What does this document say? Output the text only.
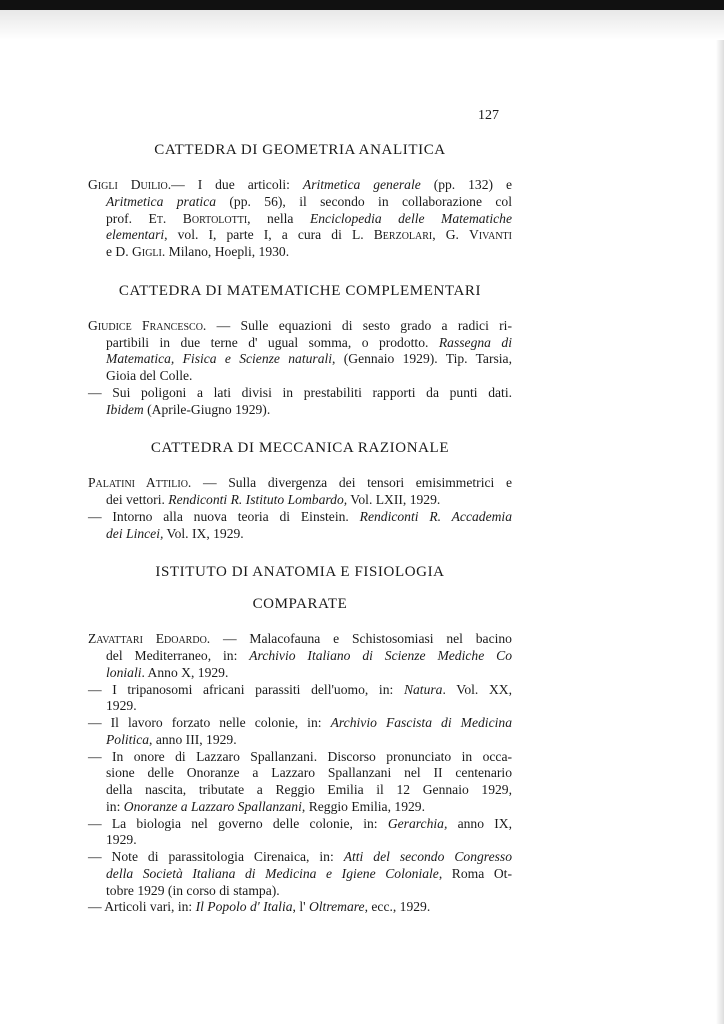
127
CATTEDRA DI GEOMETRIA ANALITICA
Gigli Duilio.— I due articoli: Aritmetica generale (pp. 132) e
Aritmetica pratica (pp. 56), il secondo in collaborazione col
prof. Et. Bortolotti, nella Enciclopedia delle Matematiche
elementari, vol. I, parte I, a cura di L. Berzolari, G. Vivanti
e D. Gigli. Milano, Hoepli, 1930.
CATTEDRA DI MATEMATICHE COMPLEMENTARI
Giudice Francesco. — Sulle equazioni di sesto grado a radici ri-
partibili in due terne d' ugual somma, o prodotto. Rassegna di
Matematica, Fisica e Scienze naturali, (Gennaio 1929). Tip. Tarsia,
Gioia del Colle.
— Sui poligoni a lati divisi in prestabiliti rapporti da punti dati.
Ibidem (Aprile-Giugno 1929).
CATTEDRA DI MECCANICA RAZIONALE
Palatini Attilio. — Sulla divergenza dei tensori emisimmetrici e
dei vettori. Rendiconti R. Istituto Lombardo, Vol. LXII, 1929.
— Intorno alla nuova teoria di Einstein. Rendiconti R. Accademia
dei Lincei, Vol. IX, 1929.
ISTITUTO DI ANATOMIA E FISIOLOGIA
COMPARATE
Zavattari Edoardo. — Malacofauna e Schistosomiasi nel bacino
del Mediterraneo, in: Archivio Italiano di Scienze Mediche Co
loniali. Anno X, 1929.
— I tripanosomi africani parassiti dell'uomo, in: Natura. Vol. XX,
1929.
— Il lavoro forzato nelle colonie, in: Archivio Fascista di Medicina
Politica, anno III, 1929.
— In onore di Lazzaro Spallanzani. Discorso pronunciato in occa-
sione delle Onoranze a Lazzaro Spallanzani nel II centenario
della nascita, tributate a Reggio Emilia il 12 Gennaio 1929,
in: Onoranze a Lazzaro Spallanzani, Reggio Emilia, 1929.
— La biologia nel governo delle colonie, in: Gerarchia, anno IX,
1929.
— Note di parassitologia Cirenaica, in: Atti del secondo Congresso
della Società Italiana di Medicina e Igiene Coloniale, Roma Ot-
tobre 1929 (in corso di stampa).
— Articoli vari, in: Il Popolo d' Italia, l' Oltremare, ecc., 1929.
